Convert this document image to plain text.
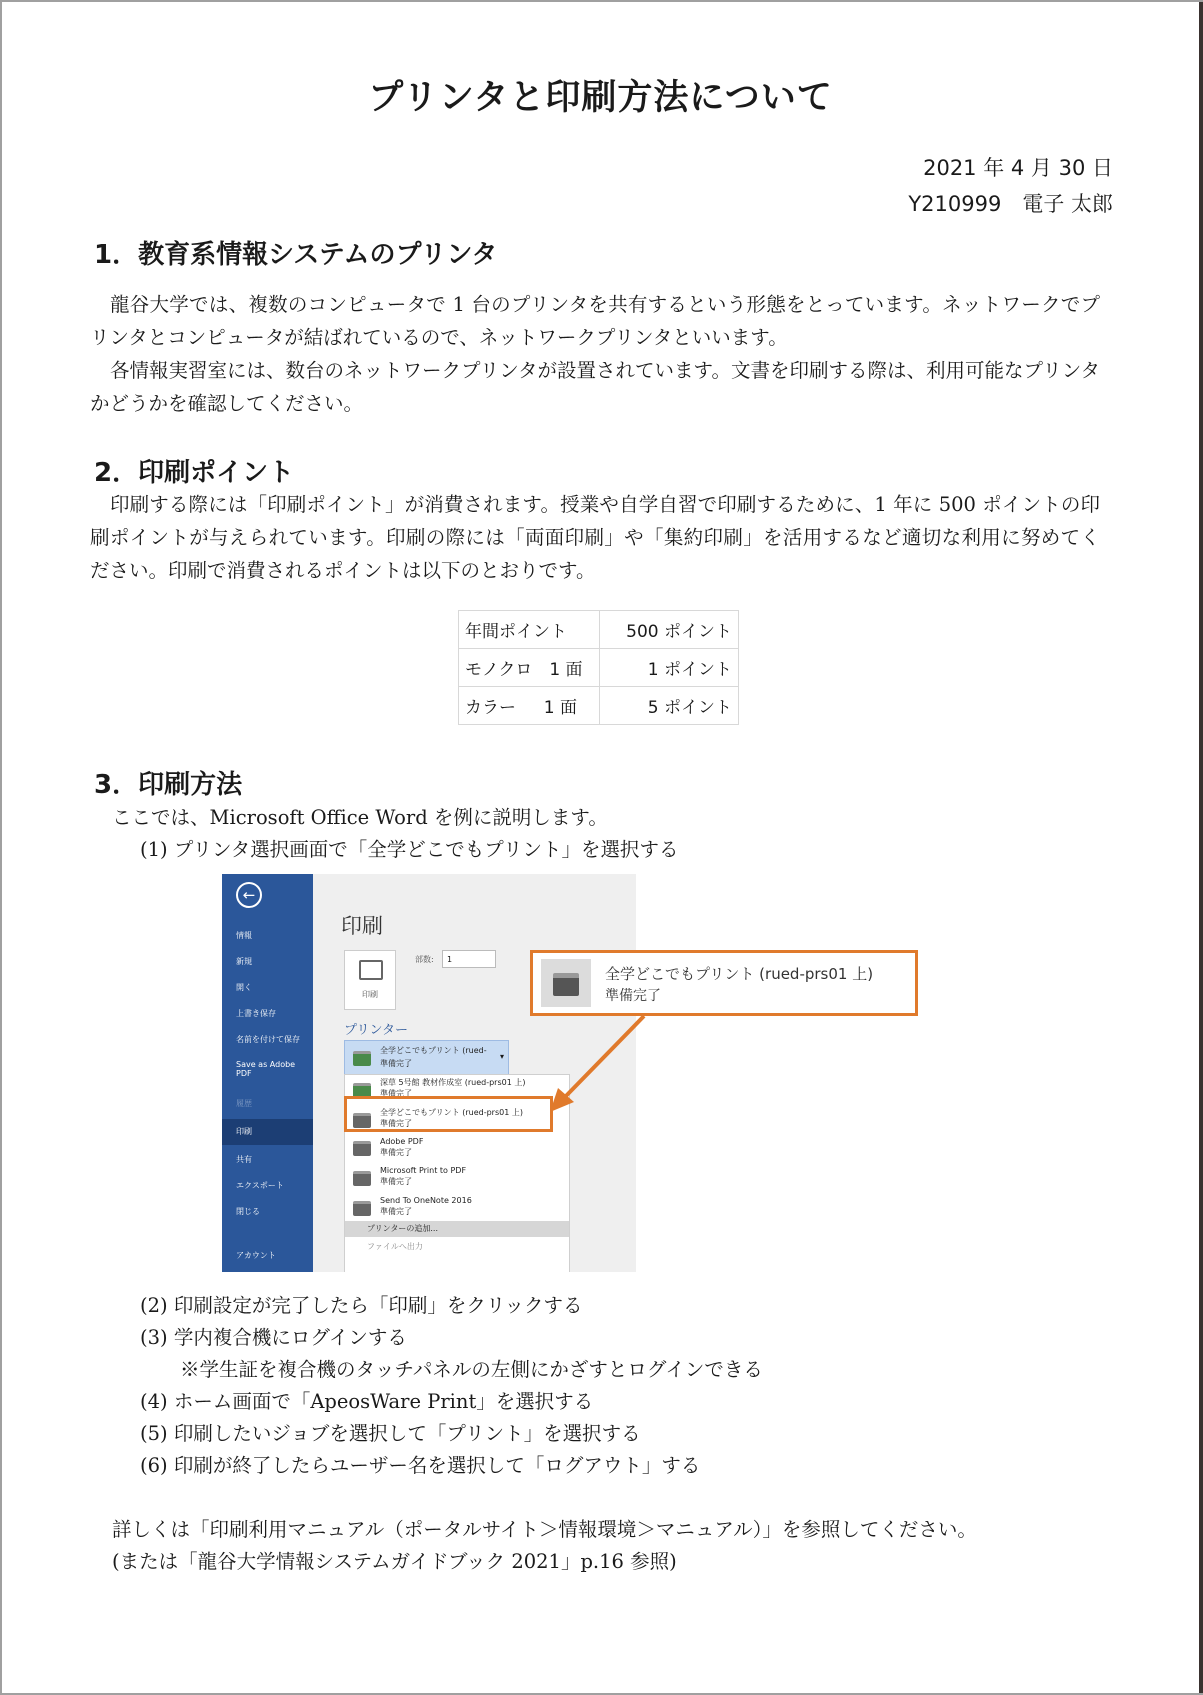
プリンタと印刷方法について
2021 年 4 月 30 日
Y210999　電子 太郎
1．教育系情報システムのプリンタ
龍谷大学では、複数のコンピュータで 1 台のプリンタを共有するという形態をとっています。ネットワークでプリンタとコンピュータが結ばれているので、ネットワークプリンタといいます。
各情報実習室には、数台のネットワークプリンタが設置されています。文書を印刷する際は、利用可能なプリンタかどうかを確認してください。
2．印刷ポイント
印刷する際には「印刷ポイント」が消費されます。授業や自学自習で印刷するために、1 年に 500 ポイントの印刷ポイントが与えられています。印刷の際には「両面印刷」や「集約印刷」を活用するなど適切な利用に努めてください。印刷で消費されるポイントは以下のとおりです。
年間ポイント	500 ポイント
モノクロ　1 面	1 ポイント
カラー　  1 面	5 ポイント
3．印刷方法
ここでは、Microsoft Office Word を例に説明します。
(1) プリンタ選択画面で「全学どこでもプリント」を選択する
←
情報
新規
開く
上書き保存
名前を付けて保存
Save as Adobe PDF
履歴
印刷
共有
エクスポート
閉じる
アカウント
印刷
印刷
部数:	1
プリンター
全学どこでもプリント (rued-
準備完了
▾
深草 5号館 教材作成室 (rued-prs01 上)
準備完了
全学どこでもプリント (rued-prs01 上)
準備完了
Adobe PDF
準備完了
Microsoft Print to PDF
準備完了
Send To OneNote 2016
準備完了
プリンターの追加...
ファイルへ出力
全学どこでもプリント (rued-prs01 上)
準備完了
(2) 印刷設定が完了したら「印刷」をクリックする
(3) 学内複合機にログインする
※学生証を複合機のタッチパネルの左側にかざすとログインできる
(4) ホーム画面で「ApeosWare Print」を選択する
(5) 印刷したいジョブを選択して「プリント」を選択する
(6) 印刷が終了したらユーザー名を選択して「ログアウト」する
詳しくは「印刷利用マニュアル（ポータルサイト＞情報環境＞マニュアル）」を参照してください。
(または「龍谷大学情報システムガイドブック 2021」p.16 参照)
